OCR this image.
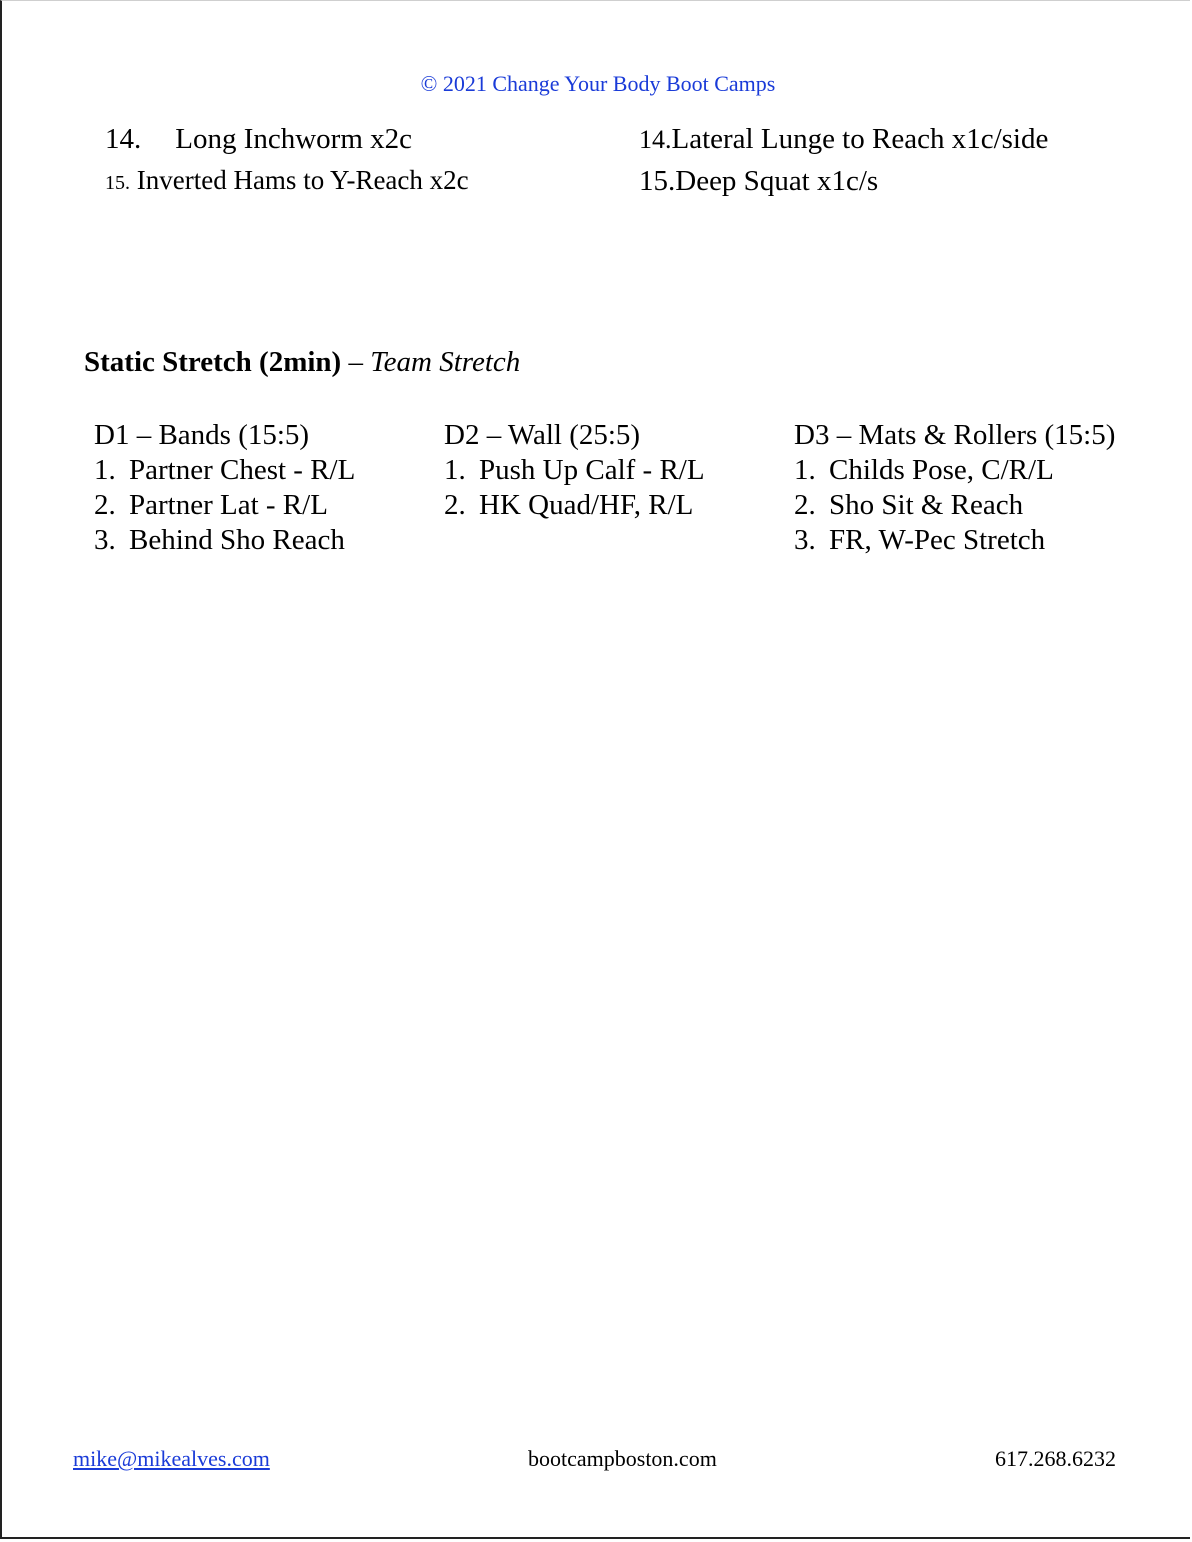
© 2021 Change Your Body Boot Camps
14. Long Inchworm x2c
15. Inverted Hams to Y-Reach x2c
14.Lateral Lunge to Reach x1c/side
15.Deep Squat x1c/s
Static Stretch (2min) – Team Stretch
D1 – Bands (15:5)
1. Partner Chest - R/L
2. Partner Lat - R/L
3. Behind Sho Reach
D2 – Wall (25:5)
1. Push Up Calf - R/L
2. HK Quad/HF, R/L
D3 – Mats & Rollers (15:5)
1. Childs Pose, C/R/L
2. Sho Sit & Reach
3. FR, W-Pec Stretch
mike@mikealves.com	bootcampboston.com	617.268.6232
